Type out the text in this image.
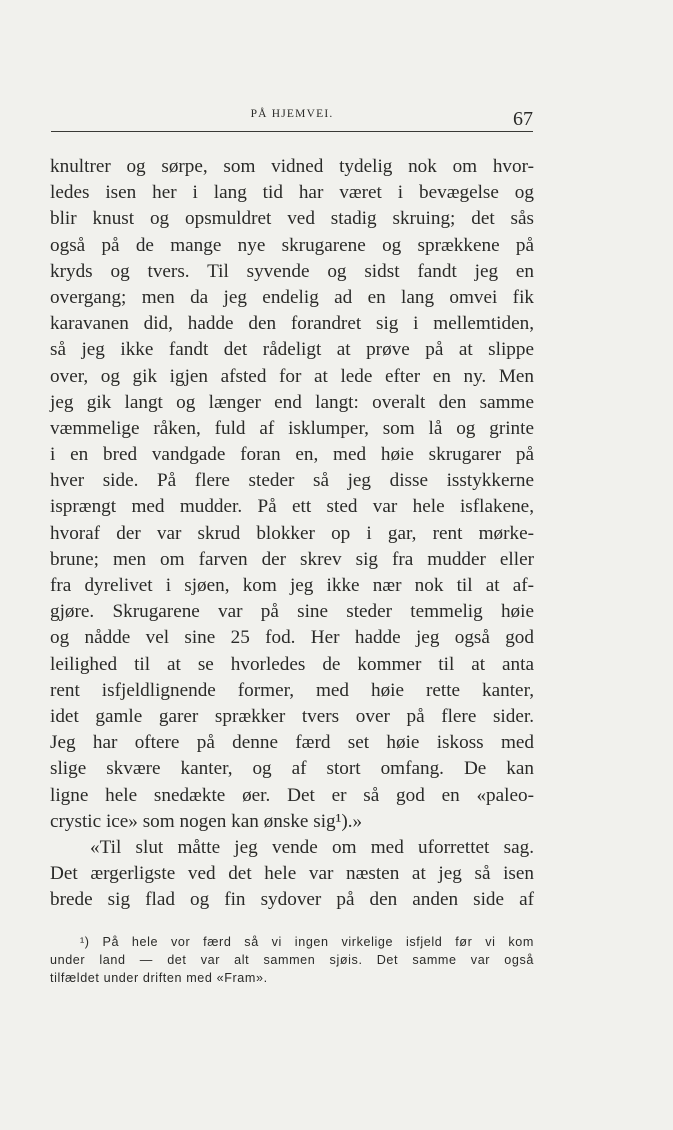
PÅ HJEMVEI.	67
knultrer og sørpe, som vidned tydelig nok om hvor-
ledes isen her i lang tid har været i bevægelse og
blir knust og opsmuldret ved stadig skruing; det sås
også på de mange nye skrugarene og sprækkene på
kryds og tvers. Til syvende og sidst fandt jeg en
overgang; men da jeg endelig ad en lang omvei fik
karavanen did, hadde den forandret sig i mellemtiden,
så jeg ikke fandt det rådeligt at prøve på at slippe
over, og gik igjen afsted for at lede efter en ny. Men
jeg gik langt og længer end langt: overalt den samme
væmmelige råken, fuld af isklumper, som lå og grinte
i en bred vandgade foran en, med høie skrugarer på
hver side. På flere steder så jeg disse isstykkerne
isprængt med mudder. På ett sted var hele isflakene,
hvoraf der var skrud blokker op i gar, rent mørke-
brune; men om farven der skrev sig fra mudder eller
fra dyrelivet i sjøen, kom jeg ikke nær nok til at af-
gjøre. Skrugarene var på sine steder temmelig høie
og nådde vel sine 25 fod. Her hadde jeg også god
leilighed til at se hvorledes de kommer til at anta
rent isfjeldlignende former, med høie rette kanter,
idet gamle garer sprækker tvers over på flere sider.
Jeg har oftere på denne færd set høie iskoss med
slige skvære kanter, og af stort omfang. De kan
ligne hele snedækte øer. Det er så god en «paleo-
crystic ice» som nogen kan ønske sig¹).»
«Til slut måtte jeg vende om med uforrettet sag.
Det ærgerligste ved det hele var næsten at jeg så isen
brede sig flad og fin sydover på den anden side af
¹) På hele vor færd så vi ingen virkelige isfjeld før vi kom
under land — det var alt sammen sjøis. Det samme var også
tilfældet under driften med «Fram».
